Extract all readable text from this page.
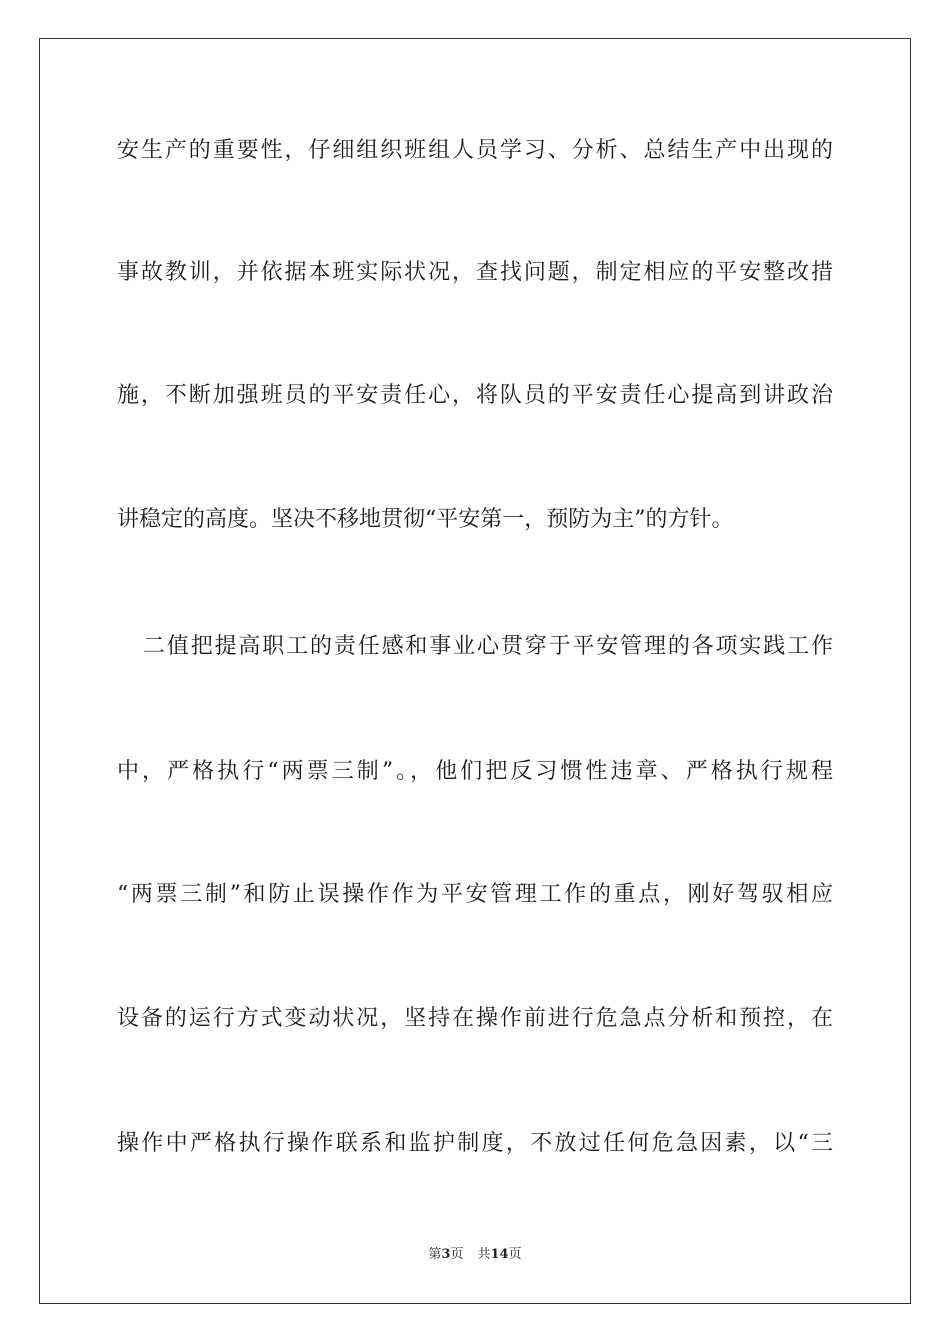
安生产的重要性，仔细组织班组人员学习、分析、总结生产中出现的
事故教训，并依据本班实际状况，查找问题，制定相应的平安整改措
施，不断加强班员的平安责任心，将队员的平安责任心提高到讲政治
讲稳定的高度。坚决不移地贯彻“平安第一，预防为主”的方针。
二值把提高职工的责任感和事业心贯穿于平安管理的各项实践工作
中，严格执行“两票三制”。，他们把反习惯性违章、严格执行规程
“两票三制”和防止误操作作为平安管理工作的重点，刚好驾驭相应
设备的运行方式变动状况，坚持在操作前进行危急点分析和预控，在
操作中严格执行操作联系和监护制度，不放过任何危急因素，以“三
第3页 共14页
